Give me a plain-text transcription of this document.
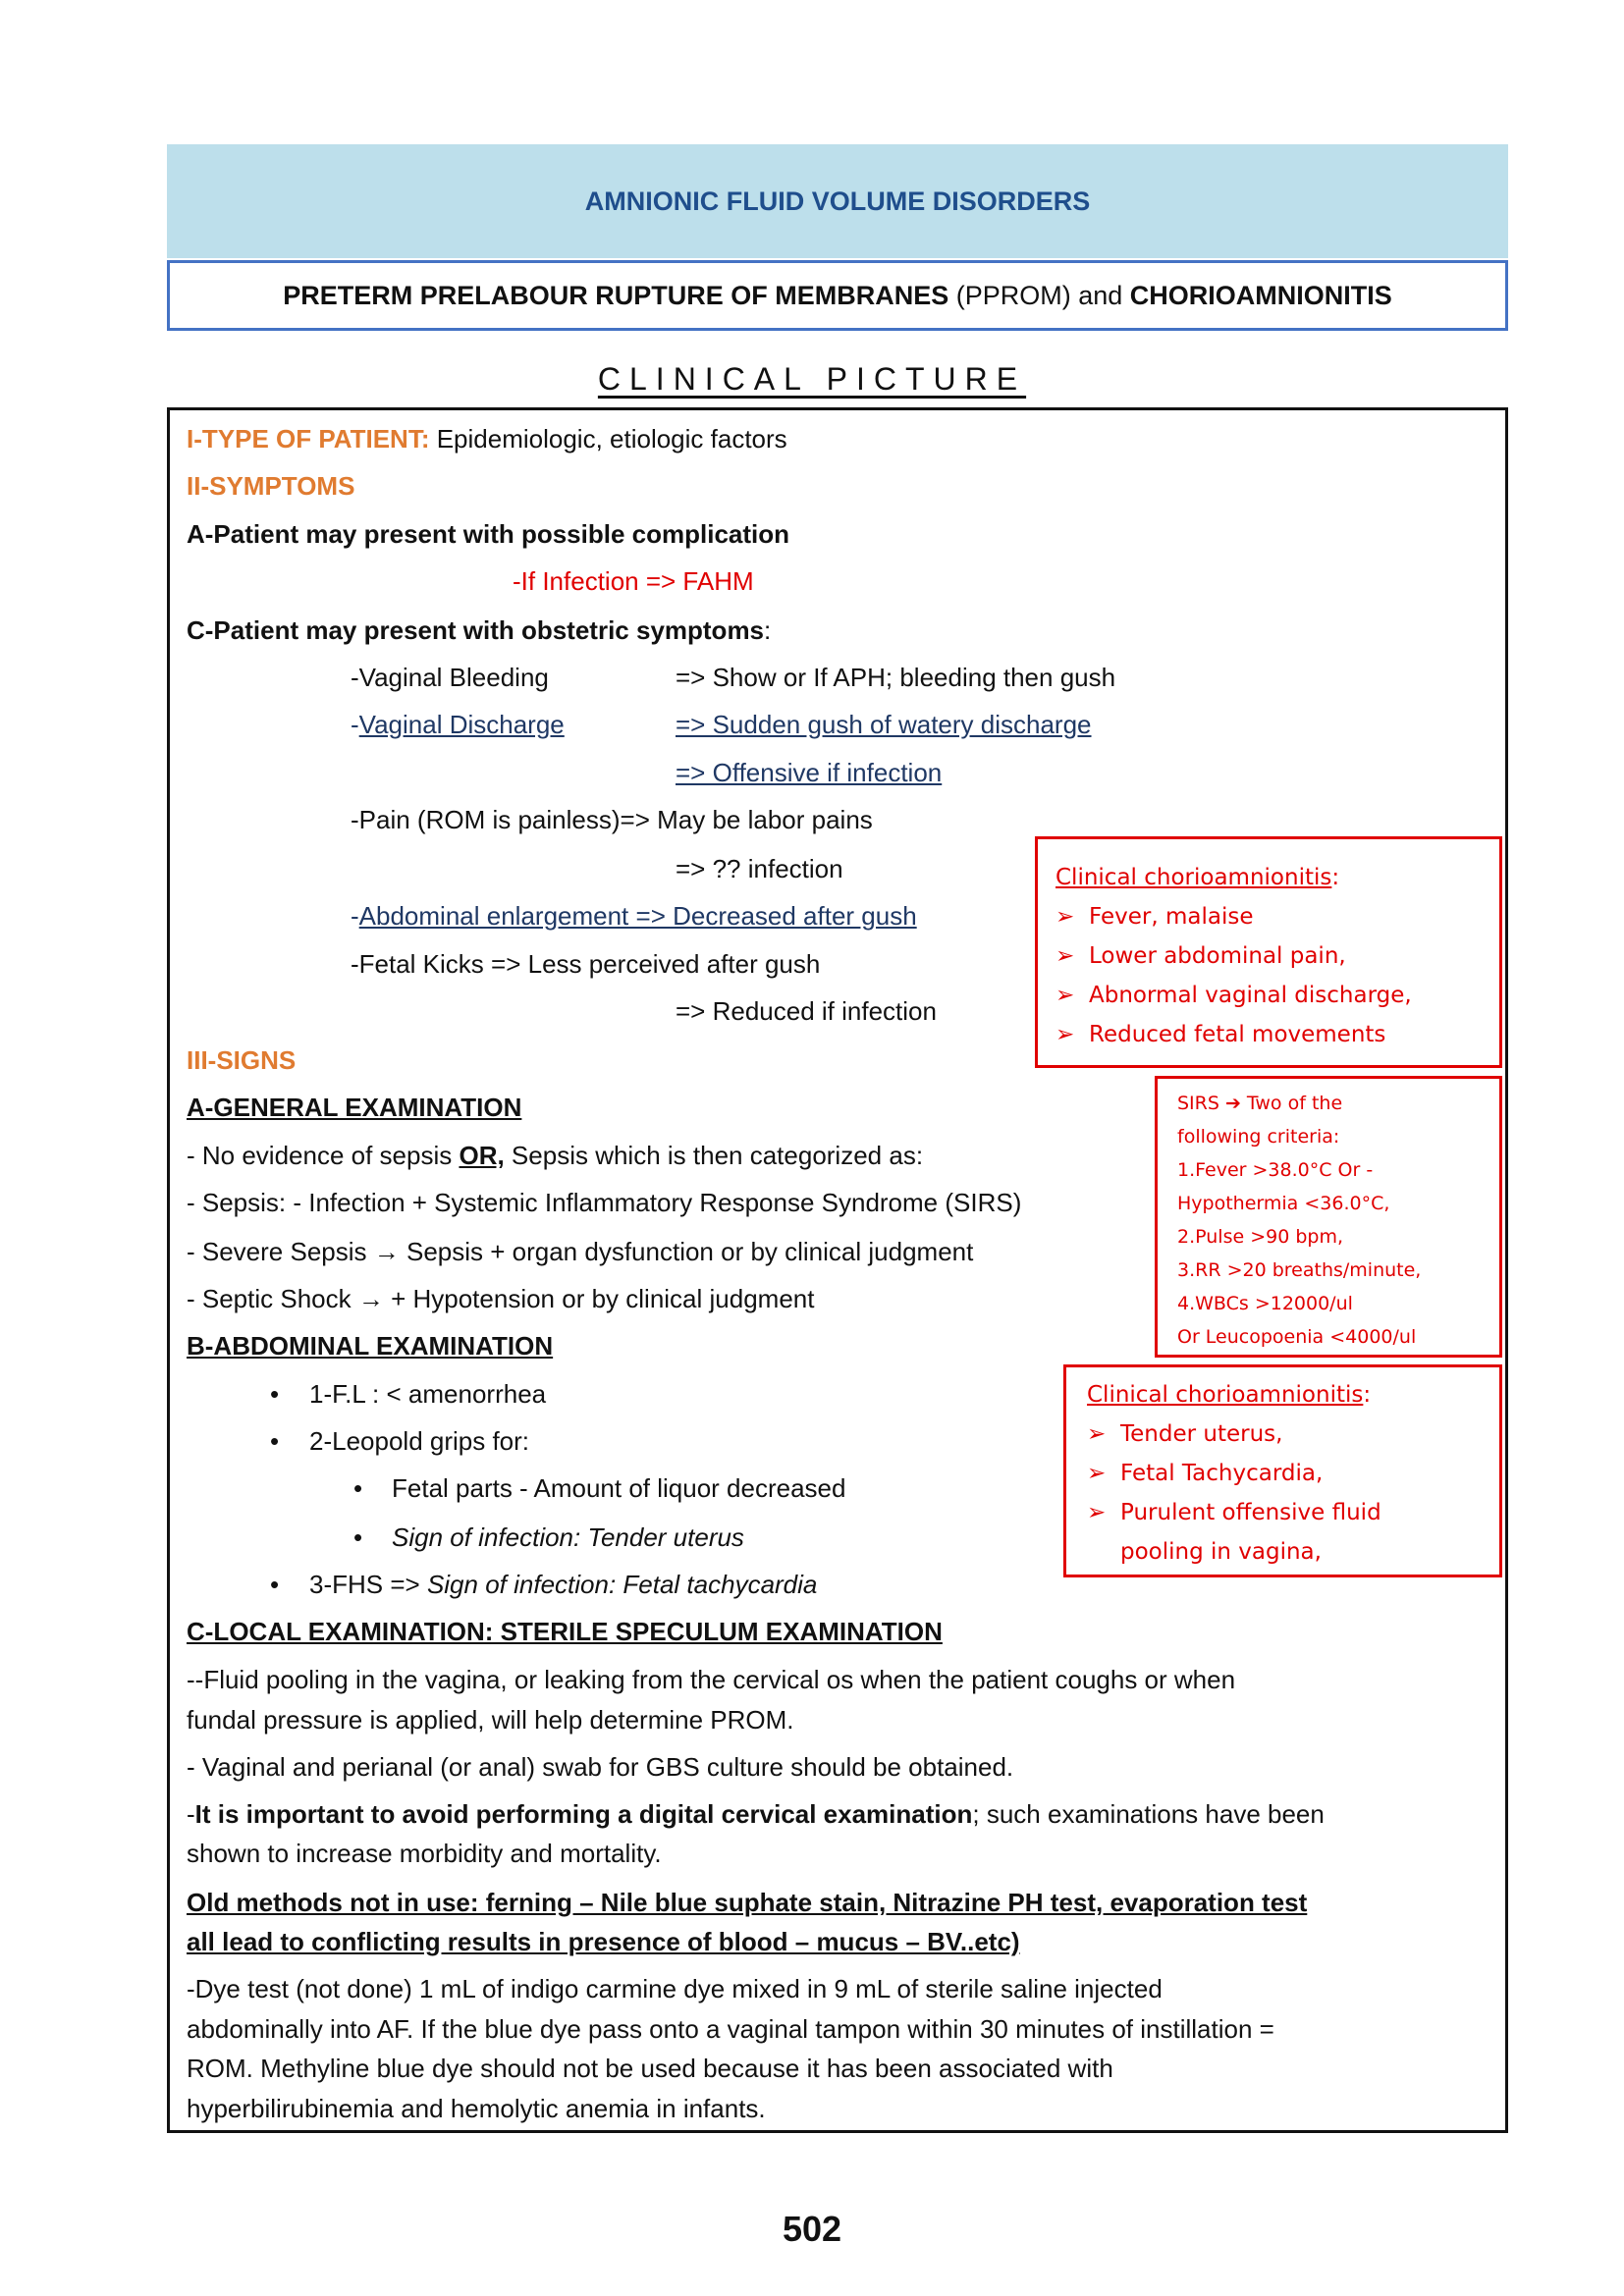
AMNIONIC FLUID VOLUME DISORDERS
PRETERM PRELABOUR RUPTURE OF MEMBRANES (PPROM) and CHORIOAMNIONITIS
CLINICAL PICTURE
I-TYPE OF PATIENT: Epidemiologic, etiologic factors
II-SYMPTOMS
A-Patient may present with possible complication
-If Infection => FAHM
C-Patient may present with obstetric symptoms:
-Vaginal Bleeding	=> Show or If APH; bleeding then gush
-Vaginal Discharge	=> Sudden gush of watery discharge
=> Offensive if infection
-Pain (ROM is painless)=> May be labor pains
=> ?? infection
-Abdominal enlargement => Decreased after gush
-Fetal Kicks => Less perceived after gush
=> Reduced if infection
III-SIGNS
A-GENERAL EXAMINATION
- No evidence of sepsis OR, Sepsis which is then categorized as:
- Sepsis: - Infection + Systemic Inflammatory Response Syndrome (SIRS)
- Severe Sepsis → Sepsis + organ dysfunction or by clinical judgment
- Septic Shock → + Hypotension or by clinical judgment
B-ABDOMINAL EXAMINATION
• 1-F.L : < amenorrhea
• 2-Leopold grips for:
• Fetal parts - Amount of liquor decreased
• Sign of infection: Tender uterus
• 3-FHS => Sign of infection: Fetal tachycardia
C-LOCAL EXAMINATION: STERILE SPECULUM EXAMINATION
--Fluid pooling in the vagina, or leaking from the cervical os when the patient coughs or when
fundal pressure is applied, will help determine PROM.
- Vaginal and perianal (or anal) swab for GBS culture should be obtained.
-It is important to avoid performing a digital cervical examination; such examinations have been
shown to increase morbidity and mortality.
Old methods not in use: ferning – Nile blue suphate stain, Nitrazine PH test, evaporation test
all lead to conflicting results in presence of blood – mucus – BV..etc)
-Dye test (not done) 1 mL of indigo carmine dye mixed in 9 mL of sterile saline injected
abdominally into AF. If the blue dye pass onto a vaginal tampon within 30 minutes of instillation =
ROM. Methyline blue dye should not be used because it has been associated with
hyperbilirubinemia and hemolytic anemia in infants.
Clinical chorioamnionitis:
➢ Fever, malaise
➢ Lower abdominal pain,
➢ Abnormal vaginal discharge,
➢ Reduced fetal movements
SIRS ➔ Two of the
following criteria:
1.Fever >38.0°C Or -
Hypothermia <36.0°C,
2.Pulse >90 bpm,
3.RR >20 breaths/minute,
4.WBCs >12000/ul
Or Leucopoenia <4000/ul
Clinical chorioamnionitis:
➢ Tender uterus,
➢ Fetal Tachycardia,
➢ Purulent offensive fluid
pooling in vagina,
502
